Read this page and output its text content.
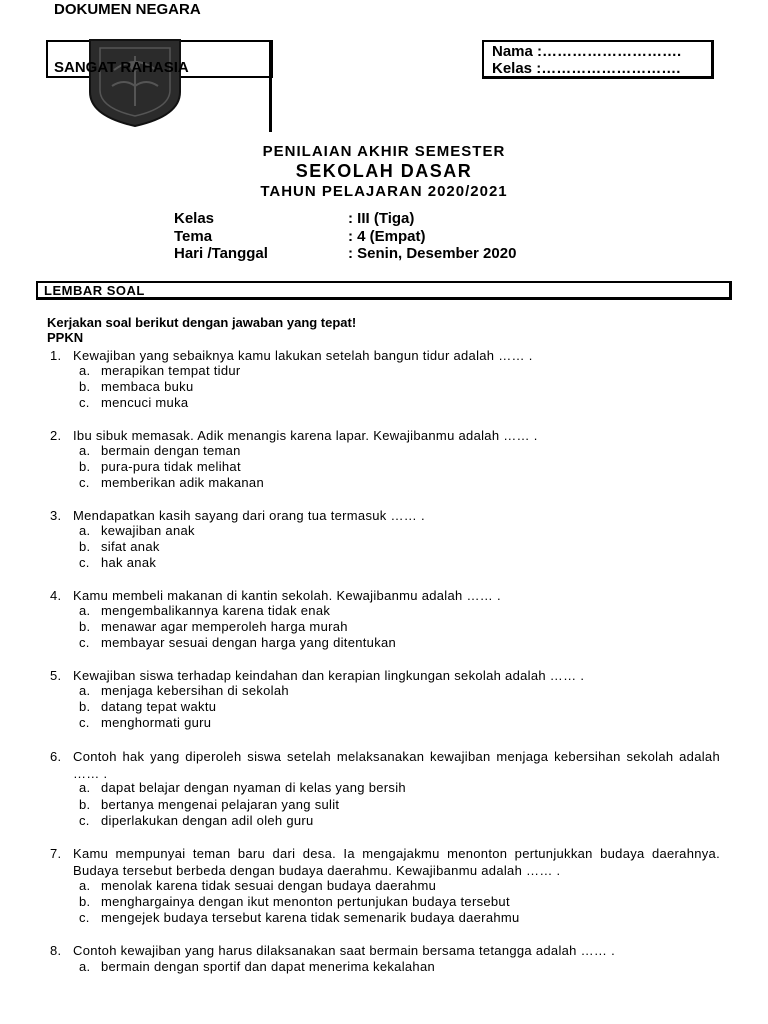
DOKUMEN NEGARA
SANGAT RAHASIA
Nama :……………………….
Kelas :……………………….
PENILAIAN AKHIR SEMESTER
SEKOLAH DASAR
TAHUN PELAJARAN 2020/2021
Kelas	: III (Tiga)
Tema	: 4 (Empat)
Hari /Tanggal	: Senin, Desember 2020
LEMBAR SOAL
Kerjakan soal berikut dengan jawaban yang tepat!
PPKN
1. Kewajiban yang sebaiknya kamu lakukan setelah bangun tidur adalah …… .
a. merapikan tempat tidur
b. membaca buku
c. mencuci muka
2. Ibu sibuk memasak. Adik menangis karena lapar. Kewajibanmu adalah …… .
a. bermain dengan teman
b. pura-pura tidak melihat
c. memberikan adik makanan
3. Mendapatkan kasih sayang dari orang tua termasuk …… .
a. kewajiban anak
b. sifat anak
c. hak anak
4. Kamu membeli makanan di kantin sekolah. Kewajibanmu adalah …… .
a. mengembalikannya karena tidak enak
b. menawar agar memperoleh harga murah
c. membayar sesuai dengan harga yang ditentukan
5. Kewajiban siswa terhadap keindahan dan kerapian lingkungan sekolah adalah …… .
a. menjaga kebersihan di sekolah
b. datang tepat waktu
c. menghormati guru
6. Contoh hak yang diperoleh siswa setelah melaksanakan kewajiban menjaga kebersihan sekolah adalah …… .
a. dapat belajar dengan nyaman di kelas yang bersih
b. bertanya mengenai pelajaran yang sulit
c. diperlakukan dengan adil oleh guru
7. Kamu mempunyai teman baru dari desa. Ia mengajakmu menonton pertunjukkan budaya daerahnya. Budaya tersebut berbeda dengan budaya daerahmu. Kewajibanmu adalah …… .
a. menolak karena tidak sesuai dengan budaya daerahmu
b. menghargainya dengan ikut menonton pertunjukan budaya tersebut
c. mengejek budaya tersebut karena tidak semenarik budaya daerahmu
8. Contoh kewajiban yang harus dilaksanakan saat bermain bersama tetangga adalah …… .
a. bermain dengan sportif dan dapat menerima kekalahan
